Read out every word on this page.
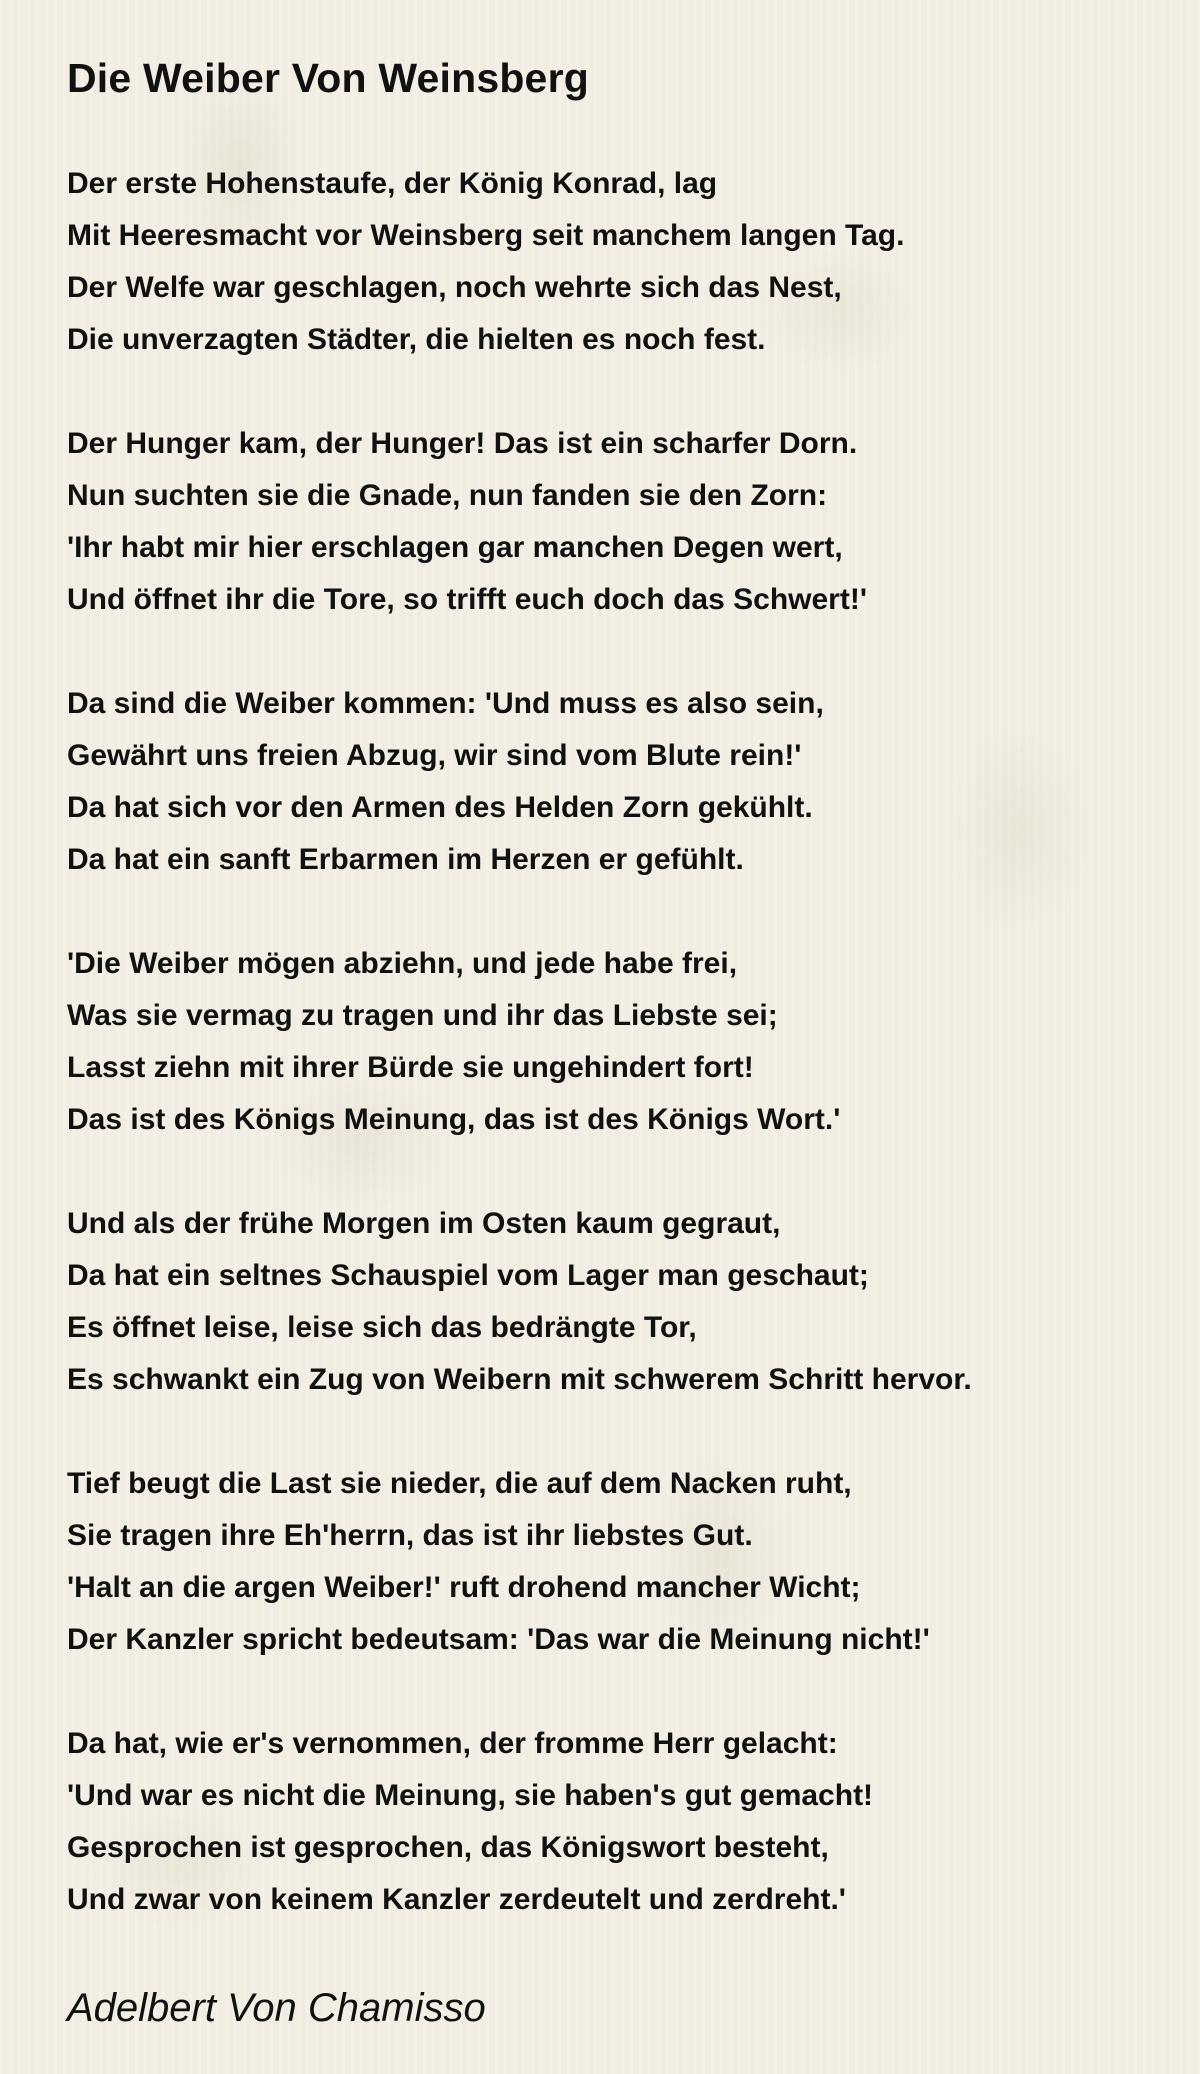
Die Weiber Von Weinsberg
Der erste Hohenstaufe, der König Konrad, lag
Mit Heeresmacht vor Weinsberg seit manchem langen Tag.
Der Welfe war geschlagen, noch wehrte sich das Nest,
Die unverzagten Städter, die hielten es noch fest.
Der Hunger kam, der Hunger! Das ist ein scharfer Dorn.
Nun suchten sie die Gnade, nun fanden sie den Zorn:
'Ihr habt mir hier erschlagen gar manchen Degen wert,
Und öffnet ihr die Tore, so trifft euch doch das Schwert!'
Da sind die Weiber kommen: 'Und muss es also sein,
Gewährt uns freien Abzug, wir sind vom Blute rein!'
Da hat sich vor den Armen des Helden Zorn gekühlt.
Da hat ein sanft Erbarmen im Herzen er gefühlt.
'Die Weiber mögen abziehn, und jede habe frei,
Was sie vermag zu tragen und ihr das Liebste sei;
Lasst ziehn mit ihrer Bürde sie ungehindert fort!
Das ist des Königs Meinung, das ist des Königs Wort.'
Und als der frühe Morgen im Osten kaum gegraut,
Da hat ein seltnes Schauspiel vom Lager man geschaut;
Es öffnet leise, leise sich das bedrängte Tor,
Es schwankt ein Zug von Weibern mit schwerem Schritt hervor.
Tief beugt die Last sie nieder, die auf dem Nacken ruht,
Sie tragen ihre Eh'herrn, das ist ihr liebstes Gut.
'Halt an die argen Weiber!' ruft drohend mancher Wicht;
Der Kanzler spricht bedeutsam: 'Das war die Meinung nicht!'
Da hat, wie er's vernommen, der fromme Herr gelacht:
'Und war es nicht die Meinung, sie haben's gut gemacht!
Gesprochen ist gesprochen, das Königswort besteht,
Und zwar von keinem Kanzler zerdeutelt und zerdreht.'
Adelbert Von Chamisso
